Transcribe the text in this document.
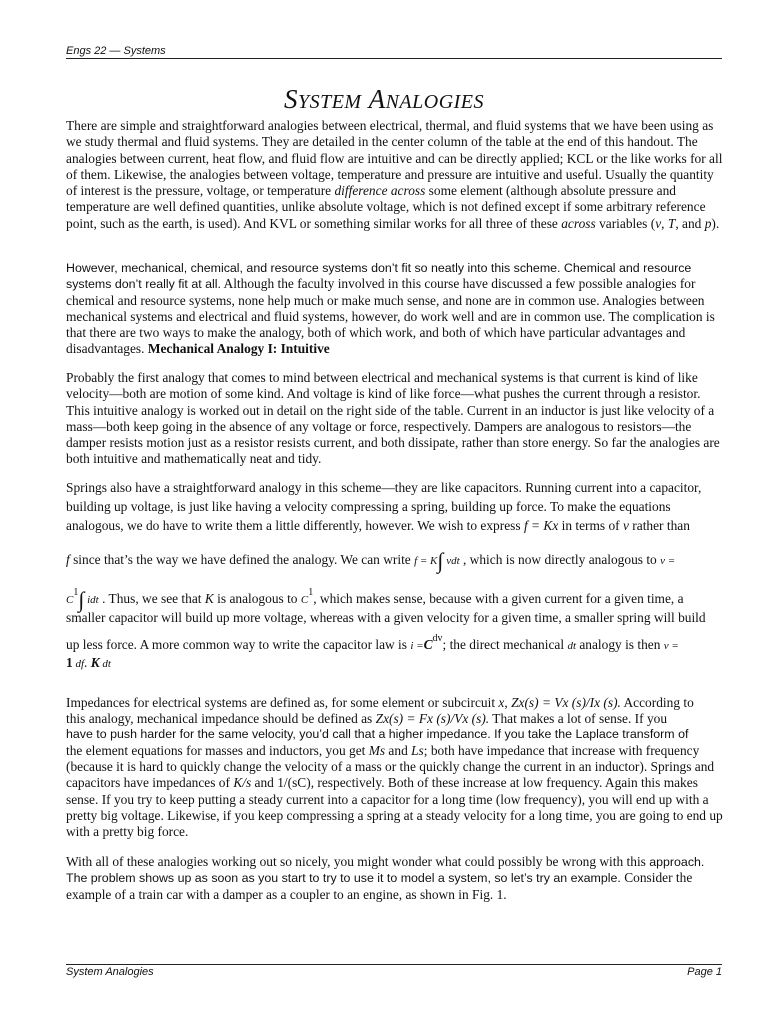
Engs 22 — Systems
SYSTEM ANALOGIES

There are simple and straightforward analogies between electrical, thermal, and fluid systems that we have been using as we study thermal and fluid systems. They are detailed in the center column of the table at the end of this handout. The analogies between current, heat flow, and fluid flow are intuitive and can be directly applied; KCL or the like works for all of them. Likewise, the analogies between voltage, temperature and pressure are intuitive and useful. Usually the quantity of interest is the pressure, voltage, or temperature difference across some element (although absolute pressure and temperature are well defined quantities, unlike absolute voltage, which is not defined except if some arbitrary reference point, such as the earth, is used). And KVL or something similar works for all three of these across variables (v, T, and p).

However, mechanical, chemical, and resource systems don’t fit so neatly into this scheme. Chemical and resource systems don’t really fit at all. Although the faculty involved in this course have discussed a few possible analogies for chemical and resource systems, none help much or make much sense, and none are in common use. Analogies between mechanical systems and electrical and fluid systems, however, do work well and are in common use. The complication is that there are two ways to make the analogy, both of which work, and both of which have particular advantages and disadvantages. Mechanical Analogy I: Intuitive

Probably the first analogy that comes to mind between electrical and mechanical systems is that current is kind of like velocity—both are motion of some kind. And voltage is kind of like force—what pushes the current through a resistor. This intuitive analogy is worked out in detail on the right side of the table. Current in an inductor is just like velocity of a mass—both keep going in the absence of any voltage or force, respectively. Dampers are analogous to resistors—the damper resists motion just as a resistor resists current, and both dissipate, rather than store energy. So far the analogies are both intuitive and mathematically neat and tidy.

Springs also have a straightforward analogy in this scheme—they are like capacitors. Running current into a capacitor,
building up voltage, is just like having a velocity compressing a spring, building up force. To make the equations
analogous, we do have to write them a little differently, however. We wish to express f = Kx in terms of v rather than
f since that’s the way we have defined the analogy. We can write f = K∫ vdt , which is now directly analogous to v =
$C^1\int$ idt . Thus, we see that K is analogous to $C^1$, which makes sense, because with a given current for a given time, a
smaller capacitor will build up more voltage, whereas with a given velocity for a given time, a smaller spring will build
up less force. A more common way to write the capacitor law is $i =C^{dv}$; the direct mechanical dt analogy is then v =
1 df. K dt
Impedances for electrical systems are defined as, for some element or subcircuit x, Zx(s) = Vx (s)/Ix (s). According to
this analogy, mechanical impedance should be defined as Zx(s) = Fx (s)/Vx (s). That makes a lot of sense. If you
have to push harder for the same velocity, you’d call that a higher impedance. If you take the Laplace transform of
the element equations for masses and inductors, you get Ms and Ls; both have impedance that increase with frequency

(because it is hard to quickly change the velocity of a mass or the quickly change the current in an inductor). Springs and capacitors have impedances of K/s and 1/(sC), respectively. Both of these increase at low frequency. Again this makes sense. If you try to keep putting a steady current into a capacitor for a long time (low frequency), you will end up with a pretty big voltage. Likewise, if you keep compressing a spring at a steady velocity for a long time, you are going to end up with a pretty big force.

With all of these analogies working out so nicely, you might wonder what could possibly be wrong with this approach. The problem shows up as soon as you start to try to use it to model a system, so let’s try an example. Consider the example of a train car with a damper as a coupler to an engine, as shown in Fig. 1.

System Analogies	Page 1
